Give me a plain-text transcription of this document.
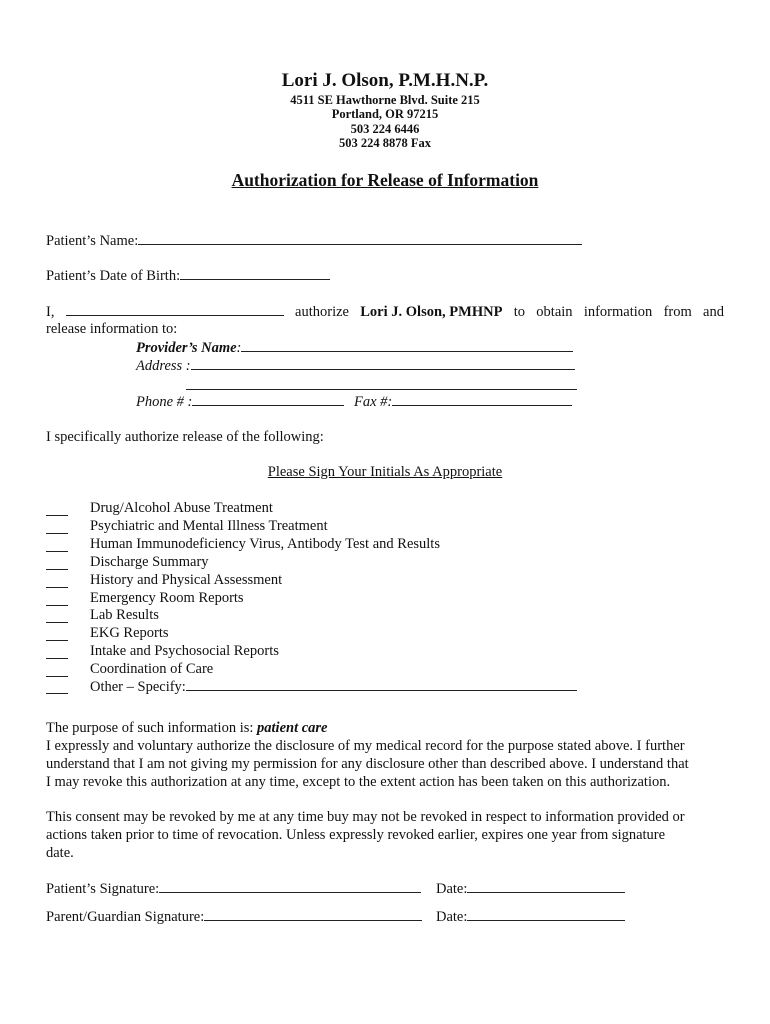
Lori J. Olson, P.M.H.N.P.
4511 SE Hawthorne Blvd. Suite 215
Portland, OR 97215
503 224 6446
503 224 8878 Fax
Authorization for Release of Information
Patient’s Name:
Patient’s Date of Birth:
I,	authorize Lori J. Olson, PMHNP to obtain information from and
release information to:
Provider’s Name:
Address :
Phone # :	Fax #:
I specifically authorize release of the following:
Please Sign Your Initials As Appropriate
Drug/Alcohol Abuse Treatment
Psychiatric and Mental Illness Treatment
Human Immunodeficiency Virus, Antibody Test and Results
Discharge Summary
History and Physical Assessment
Emergency Room Reports
Lab Results
EKG Reports
Intake and Psychosocial Reports
Coordination of Care
Other – Specify:
The purpose of such information is: patient care
I expressly and voluntary authorize the disclosure of my medical record for the purpose stated above. I further
understand that I am not giving my permission for any disclosure other than described above. I understand that
I may revoke this authorization at any time, except to the extent action has been taken on this authorization.
This consent may be revoked by me at any time buy may not be revoked in respect to information provided or
actions taken prior to time of revocation. Unless expressly revoked earlier, expires one year from signature
date.
Patient’s Signature:	Date:
Parent/Guardian Signature:	Date:
